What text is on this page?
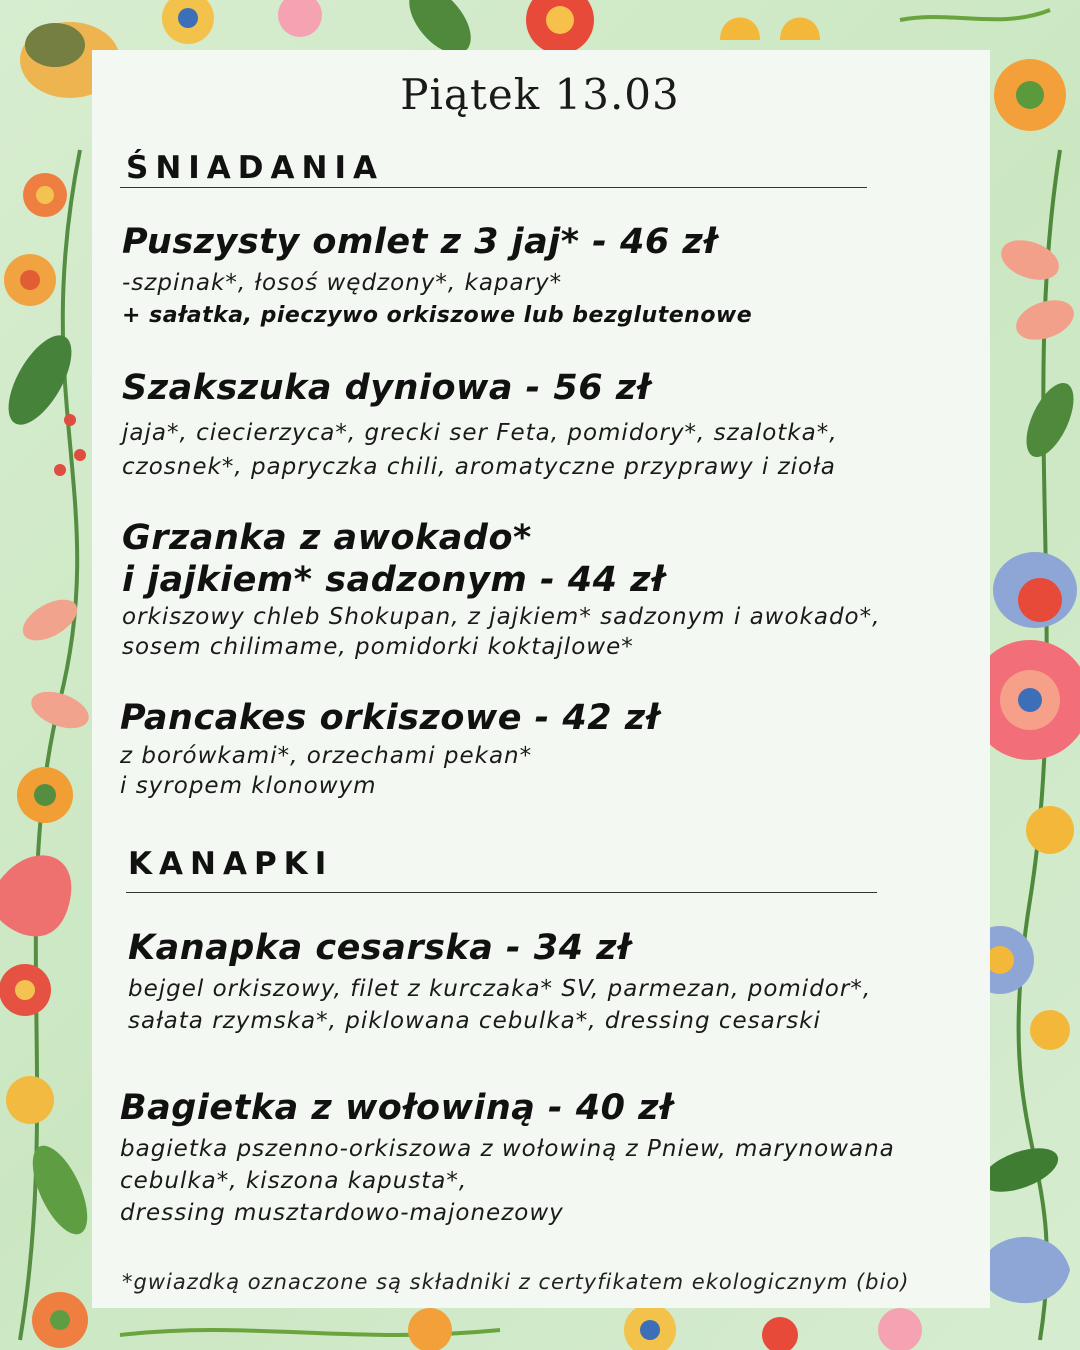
Piątek 13.03
ŚNIADANIA
Puszysty omlet z 3 jaj* - 46 zł
-szpinak*, łosoś wędzony*, kapary*
+ sałatka, pieczywo orkiszowe lub bezglutenowe
Szakszuka dyniowa - 56 zł
jaja*, ciecierzyca*, grecki ser Feta, pomidory*, szalotka*,
czosnek*, papryczka chili, aromatyczne przyprawy i zioła
Grzanka z awokado*
i jajkiem* sadzonym - 44 zł
orkiszowy chleb Shokupan, z jajkiem* sadzonym i awokado*,
sosem chilimame, pomidorki koktajlowe*
Pancakes orkiszowe - 42 zł
z borówkami*, orzechami pekan*
i syropem klonowym
KANAPKI
Kanapka cesarska - 34 zł
bejgel orkiszowy, filet z kurczaka* SV, parmezan, pomidor*,
sałata rzymska*, piklowana cebulka*, dressing cesarski
Bagietka z wołowiną - 40 zł
bagietka pszenno-orkiszowa z wołowiną z Pniew, marynowana
cebulka*, kiszona kapusta*,
dressing musztardowo-majonezowy
*gwiazdką oznaczone są składniki z certyfikatem ekologicznym (bio)
